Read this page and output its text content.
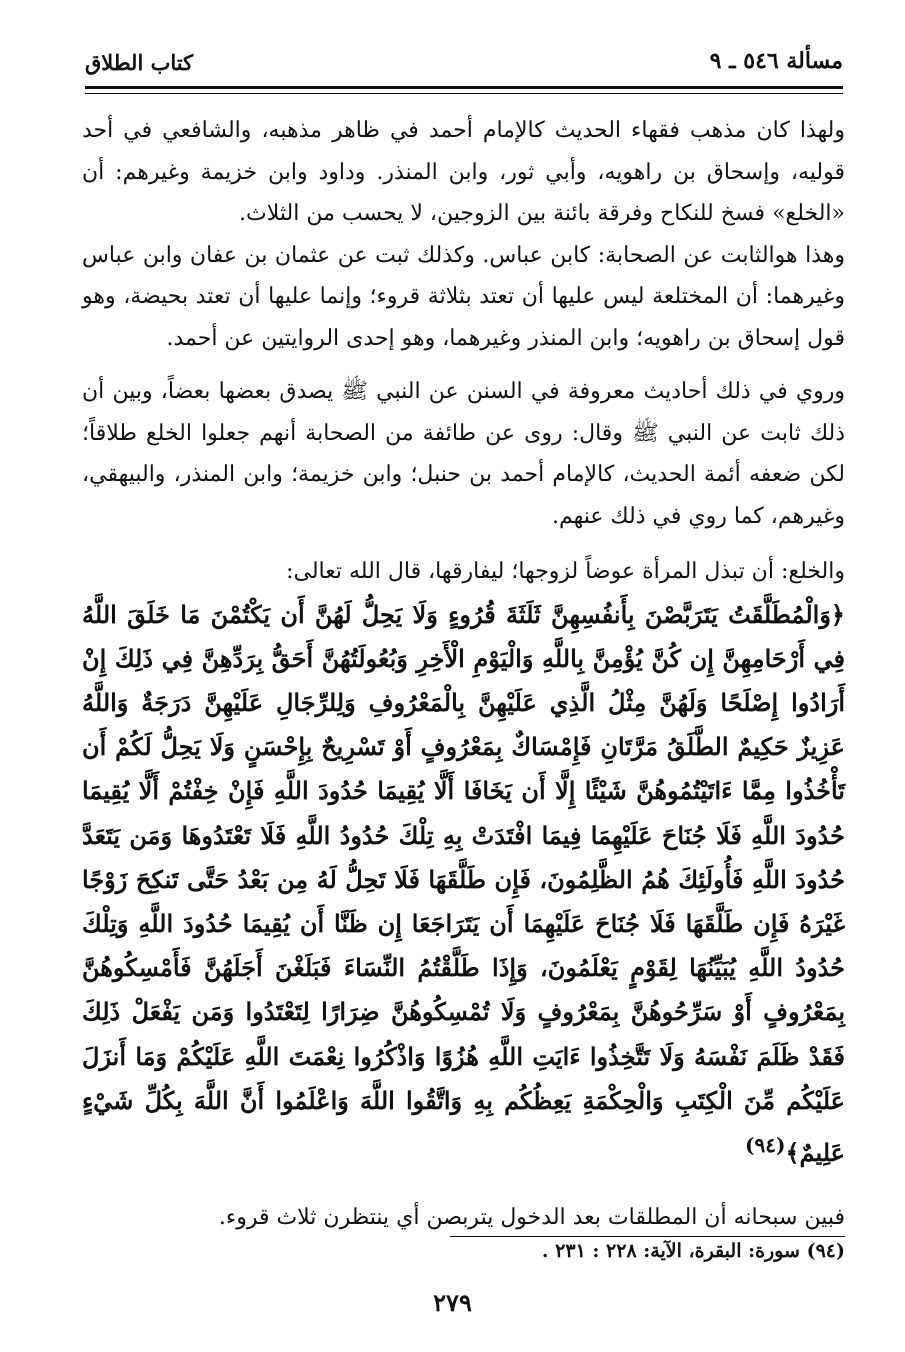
مسألة ٥٤٦ ـ ٩
كتاب الطلاق

ولهذا كان مذهب فقهاء الحديث كالإمام أحمد في ظاهر مذهبه، والشافعي في أحد قوليه، وإسحاق بن راهويه، وأبي ثور، وابن المنذر. وداود وابن خزيمة وغيرهم: أن «الخلع» فسخ للنكاح وفرقة بائنة بين الزوجين، لا يحسب من الثلاث.

وهذا هوالثابت عن الصحابة: كابن عباس. وكذلك ثبت عن عثمان بن عفان وابن عباس وغيرهما: أن المختلعة ليس عليها أن تعتد بثلاثة قروء؛ وإنما عليها أن تعتد بحيضة، وهو قول إسحاق بن راهويه؛ وابن المنذر وغيرهما، وهو إحدى الروايتين عن أحمد.

وروي في ذلك أحاديث معروفة في السنن عن النبي ﷺ يصدق بعضها بعضاً، وبين أن ذلك ثابت عن النبي ﷺ وقال: روى عن طائفة من الصحابة أنهم جعلوا الخلع طلاقاً؛ لكن ضعفه أئمة الحديث، كالإمام أحمد بن حنبل؛ وابن خزيمة؛ وابن المنذر، والبيهقي، وغيرهم، كما روي في ذلك عنهم.

والخلع: أن تبذل المرأة عوضاً لزوجها؛ ليفارقها، قال الله تعالى:

﴿وَالْمُطَلَّقَتُ يَتَرَبَّصْنَ بِأَنفُسِهِنَّ ثَلَثَةَ قُرُوءٍ وَلَا يَحِلُّ لَهُنَّ أَن يَكْتُمْنَ مَا خَلَقَ اللَّهُ فِي أَرْحَامِهِنَّ إِن كُنَّ يُؤْمِنَّ بِاللَّهِ وَالْيَوْمِ الْأَخِرِ وَبُعُولَتُهُنَّ أَحَقُّ بِرَدِّهِنَّ فِي ذَلِكَ إِنْ أَرَادُوا إِصْلَحًا وَلَهُنَّ مِثْلُ الَّذِي عَلَيْهِنَّ بِالْمَعْرُوفِ وَلِلرِّجَالِ عَلَيْهِنَّ دَرَجَةٌ وَاللَّهُ عَزِيزٌ حَكِيمٌ الطَّلَقُ مَرَّتَانِ فَإِمْسَاكٌ بِمَعْرُوفٍ أَوْ تَسْرِيحٌ بِإِحْسَنٍ وَلَا يَحِلُّ لَكُمْ أَن تَأْخُذُوا مِمَّا ءَاتَيْتُمُوهُنَّ شَيْئًا إِلَّا أَن يَخَافَا أَلَّا يُقِيمَا حُدُودَ اللَّهِ فَإِنْ خِفْتُمْ أَلَّا يُقِيمَا حُدُودَ اللَّهِ فَلَا جُنَاحَ عَلَيْهِمَا فِيمَا افْتَدَتْ بِهِ تِلْكَ حُدُودُ اللَّهِ فَلَا تَعْتَدُوهَا وَمَن يَتَعَدَّ حُدُودَ اللَّهِ فَأُولَئِكَ هُمُ الظَّلِمُونَ، فَإِن طَلَّقَهَا فَلَا تَحِلُّ لَهُ مِن بَعْدُ حَتَّى تَنكِحَ زَوْجًا غَيْرَهُ فَإِن طَلَّقَهَا فَلَا جُنَاحَ عَلَيْهِمَا أَن يَتَرَاجَعَا إِن ظَنَّا أَن يُقِيمَا حُدُودَ اللَّهِ وَتِلْكَ حُدُودُ اللَّهِ يُبَيِّنُهَا لِقَوْمٍ يَعْلَمُونَ، وَإِذَا طَلَّقْتُمُ النِّسَاءَ فَبَلَغْنَ أَجَلَهُنَّ فَأَمْسِكُوهُنَّ بِمَعْرُوفٍ أَوْ سَرِّحُوهُنَّ بِمَعْرُوفٍ وَلَا تُمْسِكُوهُنَّ ضِرَارًا لِتَعْتَدُوا وَمَن يَفْعَلْ ذَلِكَ فَقَدْ ظَلَمَ نَفْسَهُ وَلَا تَتَّخِذُوا ءَايَتِ اللَّهِ هُزُوًا وَاذْكُرُوا نِعْمَتَ اللَّهِ عَلَيْكُمْ وَمَا أَنزَلَ عَلَيْكُم مِّنَ الْكِتَبِ وَالْحِكْمَةِ يَعِظُكُم بِهِ وَاتَّقُوا اللَّهَ وَاعْلَمُوا أَنَّ اللَّهَ بِكُلِّ شَيْءٍ عَلِيمٌ﴾$^{(٩٤)}$

فبين سبحانه أن المطلقات بعد الدخول يتربصن أي ينتظرن ثلاث قروء.

(٩٤) سورة: البقرة، الآية: ٢٢٨ : ٢٣١ .
٢٧٩
